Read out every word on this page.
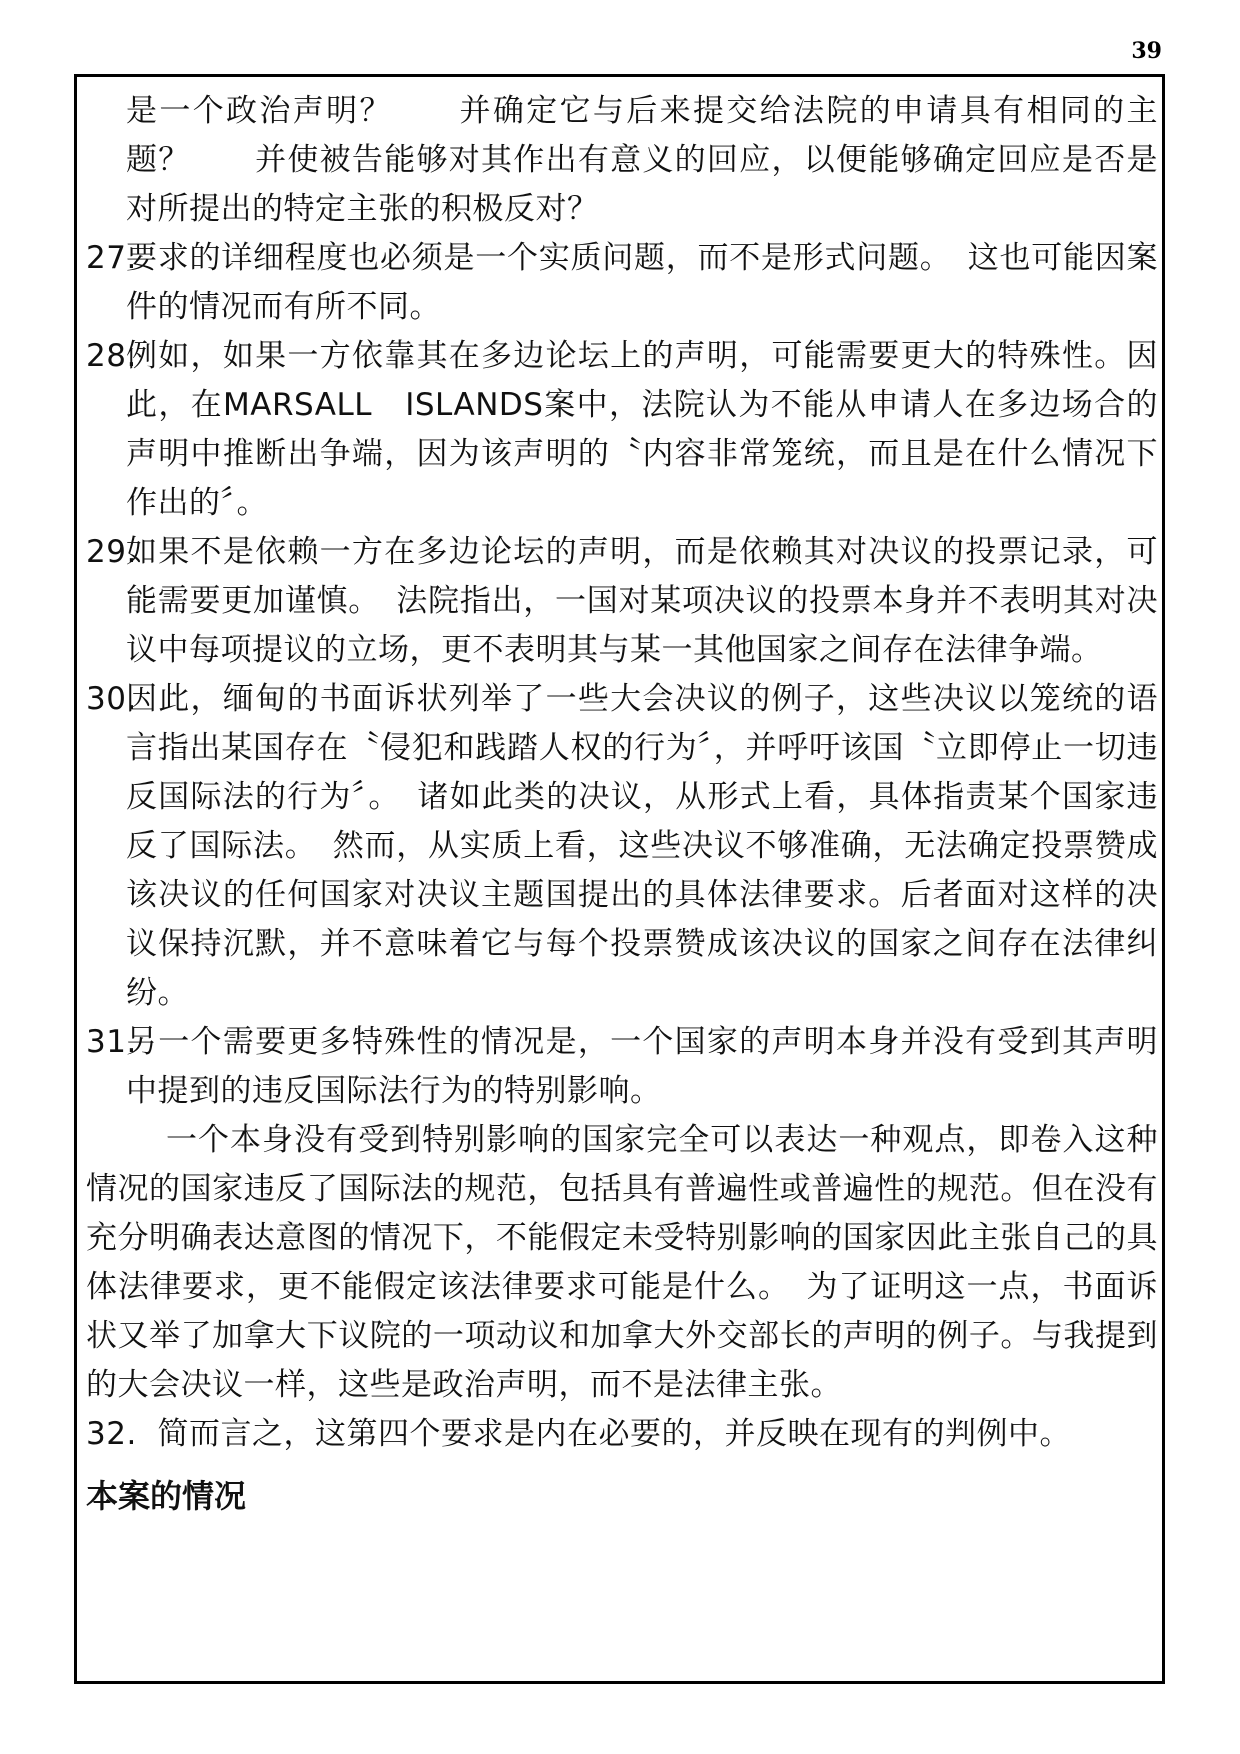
39
是一个政治声明？　　并确定它与后来提交给法院的申请具有相同的主题？　　并使被告能够对其作出有意义的回应，以便能够确定回应是否是对所提出的特定主张的积极反对？
27.
要求的详细程度也必须是一个实质问题，而不是形式问题。　这也可能因案件的情况而有所不同。
28.
例如，如果一方依靠其在多边论坛上的声明，可能需要更大的特殊性。因此，在MARSALL　ISLANDS案中，法院认为不能从申请人在多边场合的声明中推断出争端，因为该声明的〝内容非常笼统，而且是在什么情况下作出的〞。
29.
如果不是依赖一方在多边论坛的声明，而是依赖其对决议的投票记录，可能需要更加谨慎。　法院指出，一国对某项决议的投票本身并不表明其对决议中每项提议的立场，更不表明其与某一其他国家之间存在法律争端。
30.
因此，缅甸的书面诉状列举了一些大会决议的例子，这些决议以笼统的语言指出某国存在〝侵犯和践踏人权的行为〞，并呼吁该国〝立即停止一切违反国际法的行为〞。　诸如此类的决议，从形式上看，具体指责某个国家违反了国际法。　然而，从实质上看，这些决议不够准确，无法确定投票赞成该决议的任何国家对决议主题国提出的具体法律要求。后者面对这样的决议保持沉默，并不意味着它与每个投票赞成该决议的国家之间存在法律纠纷。
31.
另一个需要更多特殊性的情况是，一个国家的声明本身并没有受到其声明中提到的违反国际法行为的特别影响。
一个本身没有受到特别影响的国家完全可以表达一种观点，即卷入这种情况的国家违反了国际法的规范，包括具有普遍性或普遍性的规范。但在没有充分明确表达意图的情况下，不能假定未受特别影响的国家因此主张自己的具体法律要求，更不能假定该法律要求可能是什么。　为了证明这一点，书面诉状又举了加拿大下议院的一项动议和加拿大外交部长的声明的例子。与我提到的大会决议一样，这些是政治声明，而不是法律主张。
32.
　简而言之，这第四个要求是内在必要的，并反映在现有的判例中。
本案的情况
